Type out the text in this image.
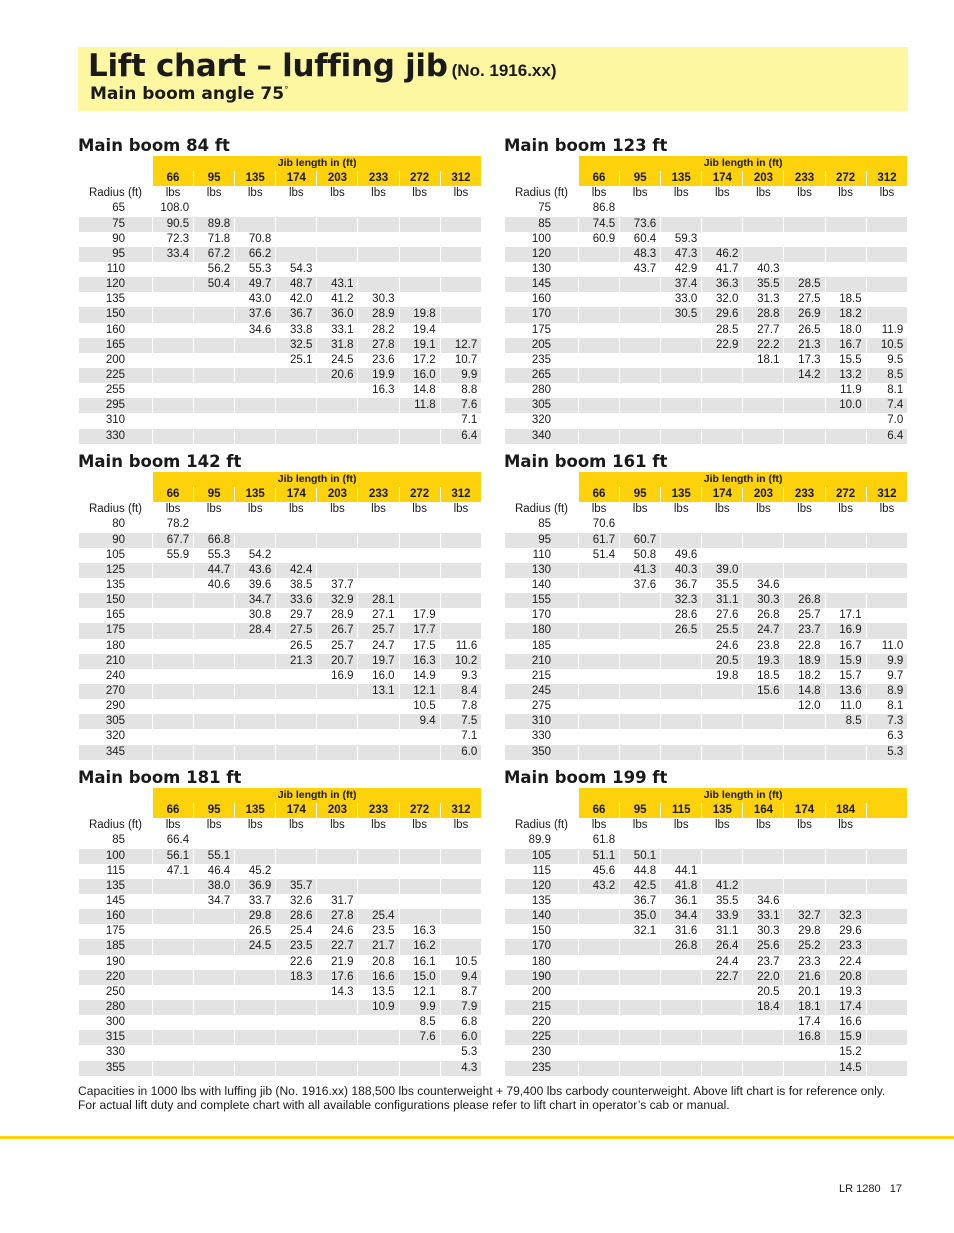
Lift chart – luffing jib (No. 1916.xx)
Main boom angle 75°
Main boom 84 ft
	Jib length in (ft)							
	66	95	135	174	203	233	272	312
Radius (ft)	lbs	lbs	lbs	lbs	lbs	lbs	lbs	lbs
65	108.0							
75	90.5	89.8						
90	72.3	71.8	70.8					
95	33.4	67.2	66.2					
110		56.2	55.3	54.3				
120		50.4	49.7	48.7	43.1			
135			43.0	42.0	41.2	30.3		
150			37.6	36.7	36.0	28.9	19.8	
160			34.6	33.8	33.1	28.2	19.4	
165				32.5	31.8	27.8	19.1	12.7
200				25.1	24.5	23.6	17.2	10.7
225					20.6	19.9	16.0	9.9
255						16.3	14.8	8.8
295							11.8	7.6
310								7.1
330								6.4
Main boom 123 ft
	Jib length in (ft)							
	66	95	135	174	203	233	272	312
Radius (ft)	lbs	lbs	lbs	lbs	lbs	lbs	lbs	lbs
75	86.8							
85	74.5	73.6						
100	60.9	60.4	59.3					
120		48.3	47.3	46.2				
130		43.7	42.9	41.7	40.3			
145			37.4	36.3	35.5	28.5		
160			33.0	32.0	31.3	27.5	18.5	
170			30.5	29.6	28.8	26.9	18.2	
175				28.5	27.7	26.5	18.0	11.9
205				22.9	22.2	21.3	16.7	10.5
235					18.1	17.3	15.5	9.5
265						14.2	13.2	8.5
280							11.9	8.1
305							10.0	7.4
320								7.0
340								6.4
Main boom 142 ft
	Jib length in (ft)							
	66	95	135	174	203	233	272	312
Radius (ft)	lbs	lbs	lbs	lbs	lbs	lbs	lbs	lbs
80	78.2							
90	67.7	66.8						
105	55.9	55.3	54.2					
125		44.7	43.6	42.4				
135		40.6	39.6	38.5	37.7			
150			34.7	33.6	32.9	28.1		
165			30.8	29.7	28.9	27.1	17.9	
175			28.4	27.5	26.7	25.7	17.7	
180				26.5	25.7	24.7	17.5	11.6
210				21.3	20.7	19.7	16.3	10.2
240					16.9	16.0	14.9	9.3
270						13.1	12.1	8.4
290							10.5	7.8
305							9.4	7.5
320								7.1
345								6.0
Main boom 161 ft
	Jib length in (ft)							
	66	95	135	174	203	233	272	312
Radius (ft)	lbs	lbs	lbs	lbs	lbs	lbs	lbs	lbs
85	70.6							
95	61.7	60.7						
110	51.4	50.8	49.6					
130		41.3	40.3	39.0				
140		37.6	36.7	35.5	34.6			
155			32.3	31.1	30.3	26.8		
170			28.6	27.6	26.8	25.7	17.1	
180			26.5	25.5	24.7	23.7	16.9	
185				24.6	23.8	22.8	16.7	11.0
210				20.5	19.3	18.9	15.9	9.9
215				19.8	18.5	18.2	15.7	9.7
245					15.6	14.8	13.6	8.9
275						12.0	11.0	8.1
310							8.5	7.3
330								6.3
350								5.3
Main boom 181 ft
	Jib length in (ft)							
	66	95	135	174	203	233	272	312
Radius (ft)	lbs	lbs	lbs	lbs	lbs	lbs	lbs	lbs
85	66.4							
100	56.1	55.1						
115	47.1	46.4	45.2					
135		38.0	36.9	35.7				
145		34.7	33.7	32.6	31.7			
160			29.8	28.6	27.8	25.4		
175			26.5	25.4	24.6	23.5	16.3	
185			24.5	23.5	22.7	21.7	16.2	
190				22.6	21.9	20.8	16.1	10.5
220				18.3	17.6	16.6	15.0	9.4
250					14.3	13.5	12.1	8.7
280						10.9	9.9	7.9
300							8.5	6.8
315							7.6	6.0
330								5.3
355								4.3
Main boom 199 ft
	Jib length in (ft)							
	66	95	115	135	164	174	184	
Radius (ft)	lbs	lbs	lbs	lbs	lbs	lbs	lbs	
89.9	61.8							
105	51.1	50.1						
115	45.6	44.8	44.1					
120	43.2	42.5	41.8	41.2				
135		36.7	36.1	35.5	34.6			
140		35.0	34.4	33.9	33.1	32.7	32.3	
150		32.1	31.6	31.1	30.3	29.8	29.6	
170			26.8	26.4	25.6	25.2	23.3	
180				24.4	23.7	23.3	22.4	
190				22.7	22.0	21.6	20.8	
200					20.5	20.1	19.3	
215					18.4	18.1	17.4	
220						17.4	16.6	
225						16.8	15.9	
230							15.2	
235							14.5	
Capacities in 1000 lbs with luffing jib (No. 1916.xx) 188,500 lbs counterweight + 79,400 lbs carbody counterweight. Above lift chart is for reference only.
For actual lift duty and complete chart with all available configurations please refer to lift chart in operator’s cab or manual.
LR 1280 17
